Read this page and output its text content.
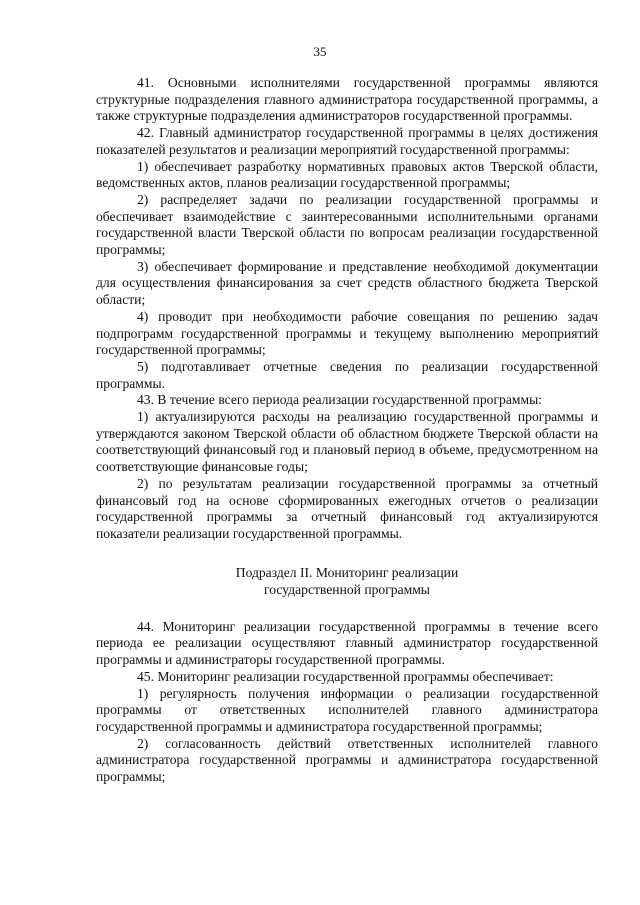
35

41. Основными исполнителями государственной программы являются структурные подразделения главного администратора государственной программы, а также структурные подразделения администраторов государственной программы.

42. Главный администратор государственной программы в целях достижения показателей результатов и реализации мероприятий государственной программы:

1) обеспечивает разработку нормативных правовых актов Тверской области, ведомственных актов, планов реализации государственной программы;

2) распределяет задачи по реализации государственной программы и обеспечивает взаимодействие с заинтересованными исполнительными органами государственной власти Тверской области по вопросам реализации государственной программы;

3) обеспечивает формирование и представление необходимой документации для осуществления финансирования за счет средств областного бюджета Тверской области;

4) проводит при необходимости рабочие совещания по решению задач подпрограмм государственной программы и текущему выполнению мероприятий государственной программы;

5) подготавливает отчетные сведения по реализации государственной программы.

43. В течение всего периода реализации государственной программы:

1) актуализируются расходы на реализацию государственной программы и утверждаются законом Тверской области об областном бюджете Тверской области на соответствующий финансовый год и плановый период в объеме, предусмотренном на соответствующие финансовые годы;

2) по результатам реализации государственной программы за отчетный финансовый год на основе сформированных ежегодных отчетов о реализации государственной программы за отчетный финансовый год актуализируются показатели реализации государственной программы.

Подраздел II. Мониторинг реализации
государственной программы

44. Мониторинг реализации государственной программы в течение всего периода ее реализации осуществляют главный администратор государственной программы и администраторы государственной программы.

45. Мониторинг реализации государственной программы обеспечивает:

1) регулярность получения информации о реализации государственной программы от ответственных исполнителей главного администратора государственной программы и администратора государственной программы;

2) согласованность действий ответственных исполнителей главного администратора государственной программы и администратора государственной программы;
